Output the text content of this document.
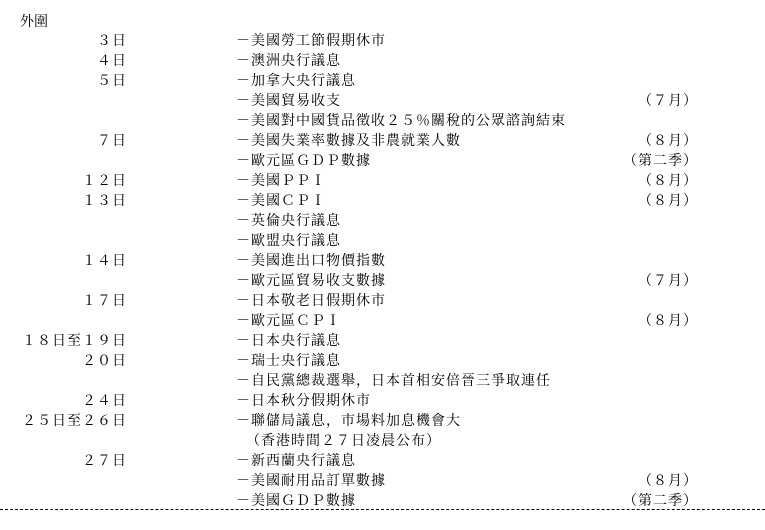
外圍
３日	－美國勞工節假期休市
４日	－澳洲央行議息
５日	－加拿大央行議息
－美國貿易收支	（７月）
－美國對中國貨品徵收２５％關稅的公眾諮詢結束
７日	－美國失業率數據及非農就業人數	（８月）
－歐元區ＧＤＰ數據	（第二季）
１２日	－美國ＰＰＩ	（８月）
１３日	－美國ＣＰＩ	（８月）
－英倫央行議息
－歐盟央行議息
１４日	－美國進出口物價指數
－歐元區貿易收支數據	（７月）
１７日	－日本敬老日假期休市
－歐元區ＣＰＩ	（８月）
１８日至１９日	－日本央行議息
２０日	－瑞士央行議息
－自民黨總裁選舉，日本首相安倍晉三爭取連任
２４日	－日本秋分假期休市
２５日至２６日	－聯儲局議息，市場料加息機會大
（香港時間２７日凌晨公布）
２７日	－新西蘭央行議息
－美國耐用品訂單數據	（８月）
－美國ＧＤＰ數據	（第二季）
